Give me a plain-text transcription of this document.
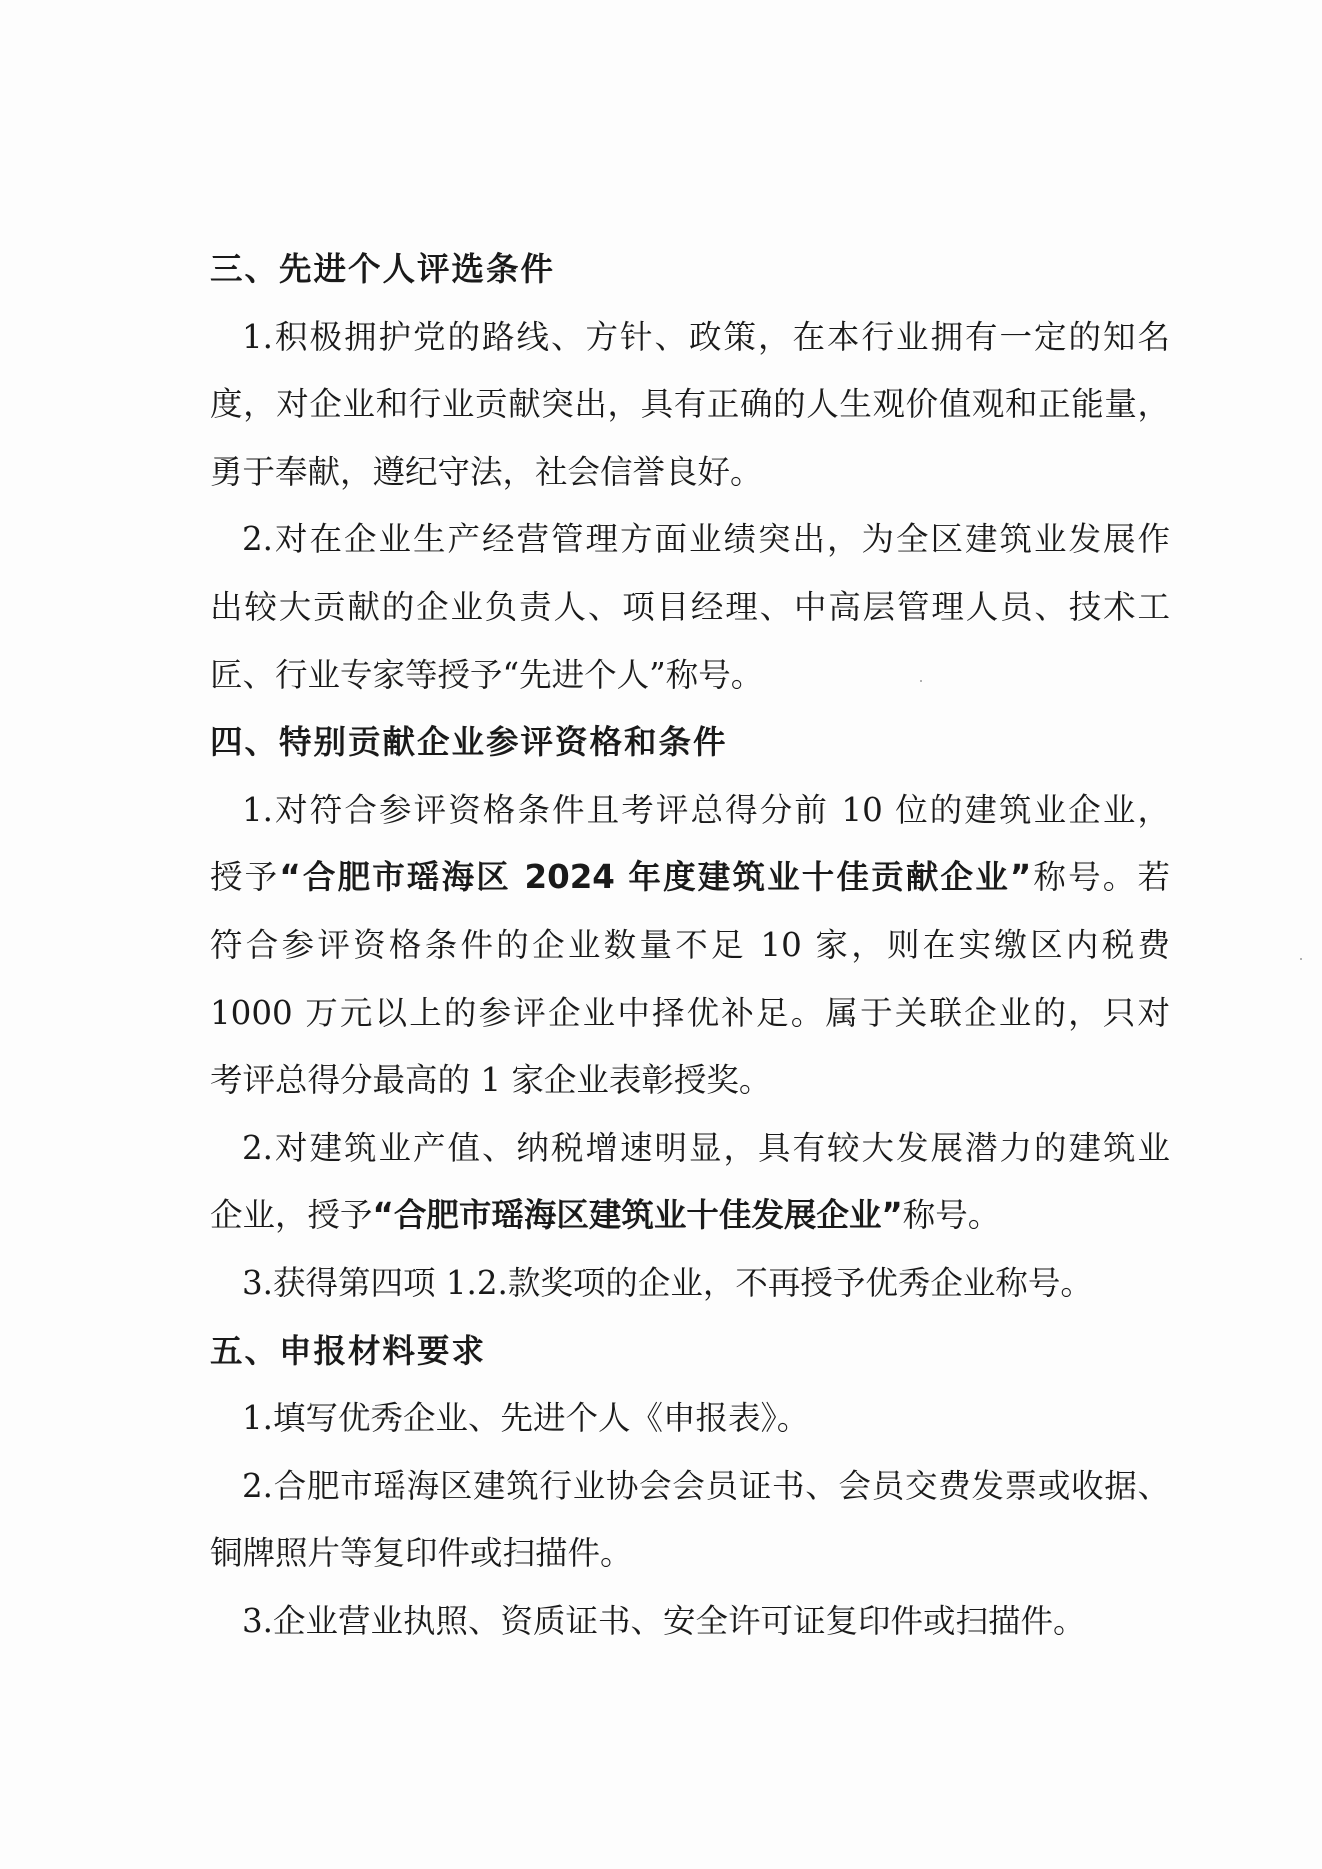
三、先进个人评选条件
1.积极拥护党的路线、方针、政策，在本行业拥有一定的知名
度，对企业和行业贡献突出，具有正确的人生观价值观和正能量，
勇于奉献，遵纪守法，社会信誉良好。
2.对在企业生产经营管理方面业绩突出，为全区建筑业发展作
出较大贡献的企业负责人、项目经理、中高层管理人员、技术工
匠、行业专家等授予“先进个人”称号。
四、特别贡献企业参评资格和条件
1.对符合参评资格条件且考评总得分前 10 位的建筑业企业，
授予“合肥市瑶海区 2024 年度建筑业十佳贡献企业”称号。若
符合参评资格条件的企业数量不足 10 家，则在实缴区内税费
1000 万元以上的参评企业中择优补足。属于关联企业的，只对
考评总得分最高的 1 家企业表彰授奖。
2.对建筑业产值、纳税增速明显，具有较大发展潜力的建筑业
企业，授予“合肥市瑶海区建筑业十佳发展企业”称号。
3.获得第四项 1.2.款奖项的企业，不再授予优秀企业称号。
五、申报材料要求
1.填写优秀企业、先进个人《申报表》。
2.合肥市瑶海区建筑行业协会会员证书、会员交费发票或收据、
铜牌照片等复印件或扫描件。
3.企业营业执照、资质证书、安全许可证复印件或扫描件。
